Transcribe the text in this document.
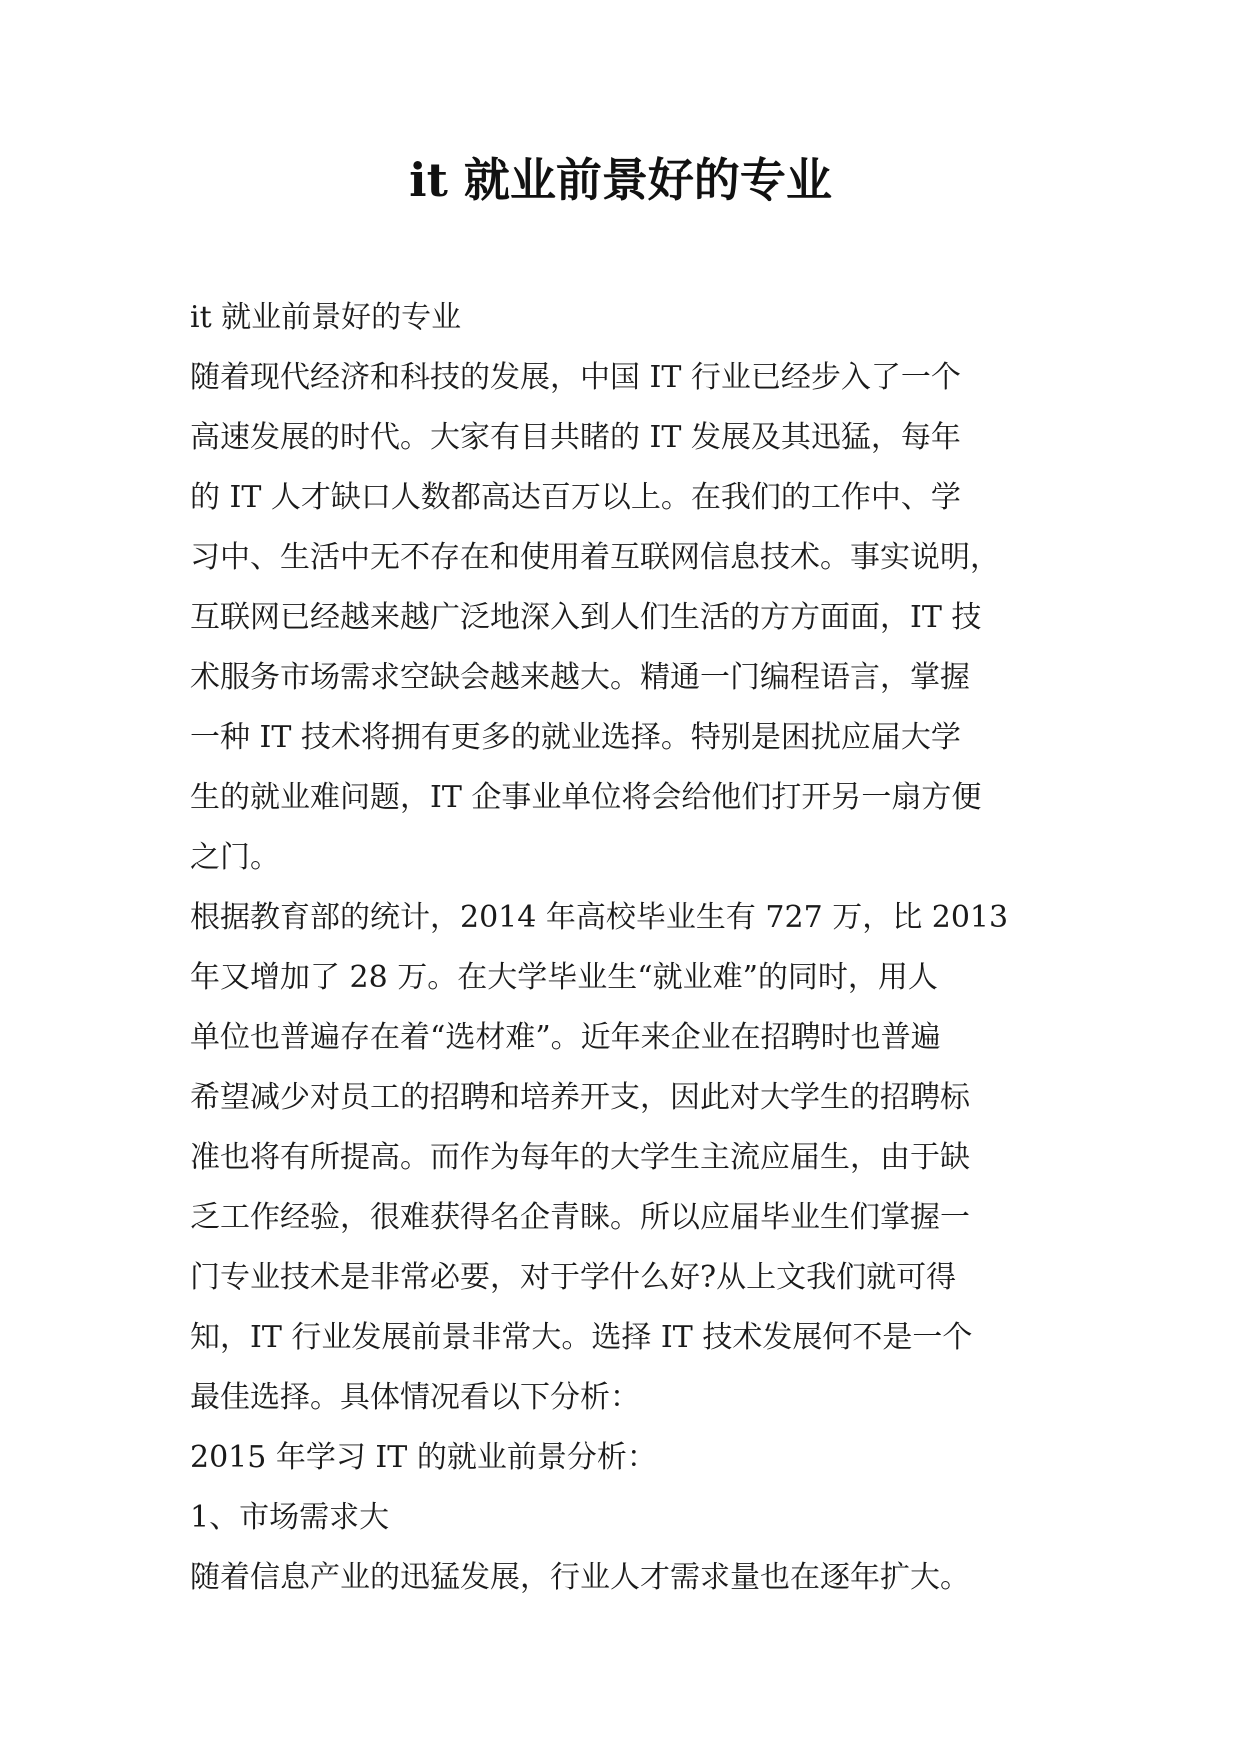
it 就业前景好的专业
it 就业前景好的专业
随着现代经济和科技的发展，中国 IT 行业已经步入了一个
高速发展的时代。大家有目共睹的 IT 发展及其迅猛，每年
的 IT 人才缺口人数都高达百万以上。在我们的工作中、学
习中、生活中无不存在和使用着互联网信息技术。事实说明，
互联网已经越来越广泛地深入到人们生活的方方面面，IT 技
术服务市场需求空缺会越来越大。精通一门编程语言，掌握
一种 IT 技术将拥有更多的就业选择。特别是困扰应届大学
生的就业难问题，IT 企事业单位将会给他们打开另一扇方便
之门。
根据教育部的统计，2014 年高校毕业生有 727 万，比 2013
年又增加了 28 万。在大学毕业生“就业难”的同时，用人
单位也普遍存在着“选材难”。近年来企业在招聘时也普遍
希望减少对员工的招聘和培养开支，因此对大学生的招聘标
准也将有所提高。而作为每年的大学生主流应届生，由于缺
乏工作经验，很难获得名企青睐。所以应届毕业生们掌握一
门专业技术是非常必要，对于学什么好?从上文我们就可得
知，IT 行业发展前景非常大。选择 IT 技术发展何不是一个
最佳选择。具体情况看以下分析：
2015 年学习 IT 的就业前景分析：
1、市场需求大
随着信息产业的迅猛发展，行业人才需求量也在逐年扩大。
